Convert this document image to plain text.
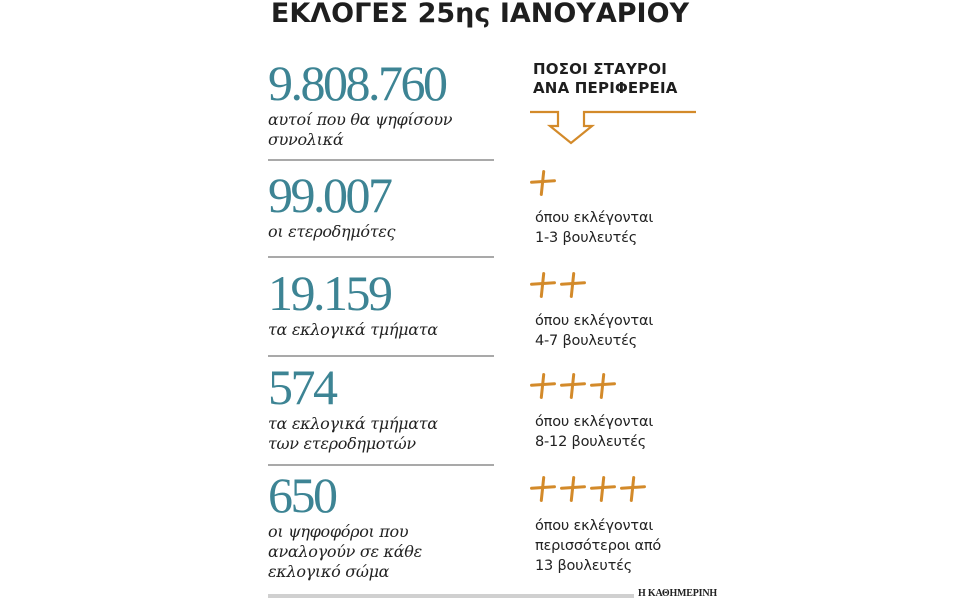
ΕΚΛΟΓΕΣ 25ης ΙΑΝΟΥΑΡΙΟΥ
9.808.760
αυτοί που θα ψηφίσουν
συνολικά
99.007
οι ετεροδημότες
19.159
τα εκλογικά τμήματα
574
τα εκλογικά τμήματα
των ετεροδημοτών
650
οι ψηφοφόροι που
αναλογούν σε κάθε
εκλογικό σώμα
ΠΟΣΟΙ ΣΤΑΥΡΟΙ
ΑΝΑ ΠΕΡΙΦΕΡΕΙΑ
όπου εκλέγονται
1-3 βουλευτές
όπου εκλέγονται
4-7 βουλευτές
όπου εκλέγονται
8-12 βουλευτές
όπου εκλέγονται
περισσότεροι από
13 βουλευτές
Η ΚΑΘΗΜΕΡΙΝΗ
